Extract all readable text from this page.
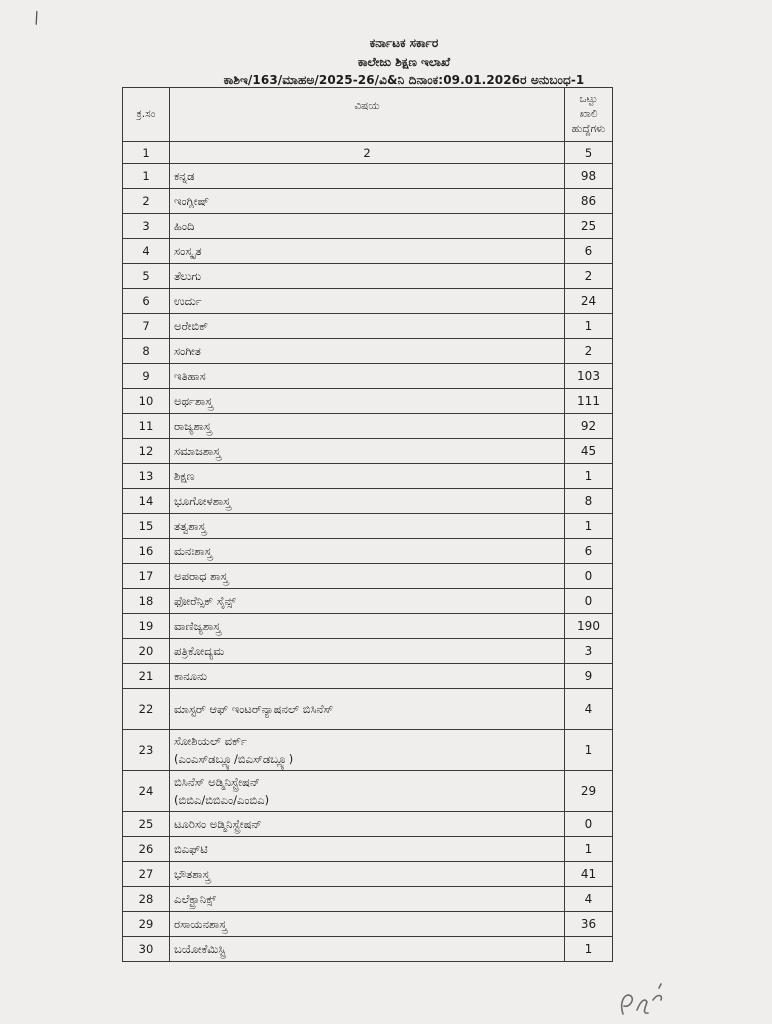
\
ಕರ್ನಾಟಕ ಸರ್ಕಾರ
ಕಾಲೇಜು ಶಿಕ್ಷಣ ಇಲಾಖೆ
ಕಾಶಿಇ/163/ಮಾಹಅ/2025-26/ವಿ&ನಿ ದಿನಾಂಕ:09.01.2026ರ ಅನುಬಂಧ-1
ಕ್ರ.ಸಂ	ವಿಷಯ	ಒಟ್ಟು ಖಾಲಿ ಹುದ್ದೆಗಳು
1	2	5
1	ಕನ್ನಡ	98
2	ಇಂಗ್ಲೀಷ್	86
3	ಹಿಂದಿ	25
4	ಸಂಸ್ಕೃತ	6
5	ತೆಲುಗು	2
6	ಉರ್ದು	24
7	ಅರೇಬಿಕ್	1
8	ಸಂಗೀತ	2
9	ಇತಿಹಾಸ	103
10	ಅರ್ಥಶಾಸ್ತ್ರ	111
11	ರಾಜ್ಯಶಾಸ್ತ್ರ	92
12	ಸಮಾಜಶಾಸ್ತ್ರ	45
13	ಶಿಕ್ಷಣ	1
14	ಭೂಗೋಳಶಾಸ್ತ್ರ	8
15	ತತ್ವಶಾಸ್ತ್ರ	1
16	ಮನಃಶಾಸ್ತ್ರ	6
17	ಅಪರಾಧ ಶಾಸ್ತ್ರ	0
18	ಫೋರೆನ್ಸಿಕ್ ಸೈನ್ಸ್	0
19	ವಾಣಿಜ್ಯಶಾಸ್ತ್ರ	190
20	ಪತ್ರಿಕೋದ್ಯಮ	3
21	ಕಾನೂನು	9
22	ಮಾಸ್ಟರ್ ಆಫ್ ಇಂಟರ್‌ನ್ಯಾಷನಲ್ ಬಿಸಿನೆಸ್	4
23	ಸೋಶಿಯಲ್ ವರ್ಕ್
(ಎಂಎಸ್‌ಡಬ್ಲ್ಯೂ/ಬಿಎಸ್‌ಡಬ್ಲ್ಯೂ)	1
24	ಬಿಸಿನೆಸ್ ಅಡ್ಮಿನಿಸ್ಟ್ರೇಷನ್
(ಬಿಬಿಎ/ಬಿಬಿಎಂ/ಎಂಬಿಎ)	29
25	ಟೂರಿಸಂ ಅಡ್ಮಿನಿಸ್ಟ್ರೇಷನ್	0
26	ಬಿಎಫ್‌ಟಿ	1
27	ಭೌತಶಾಸ್ತ್ರ	41
28	ಎಲೆಕ್ಟ್ರಾನಿಕ್ಸ್	4
29	ರಸಾಯನಶಾಸ್ತ್ರ	36
30	ಬಯೋಕೆಮಿಸ್ಟ್ರಿ	1
